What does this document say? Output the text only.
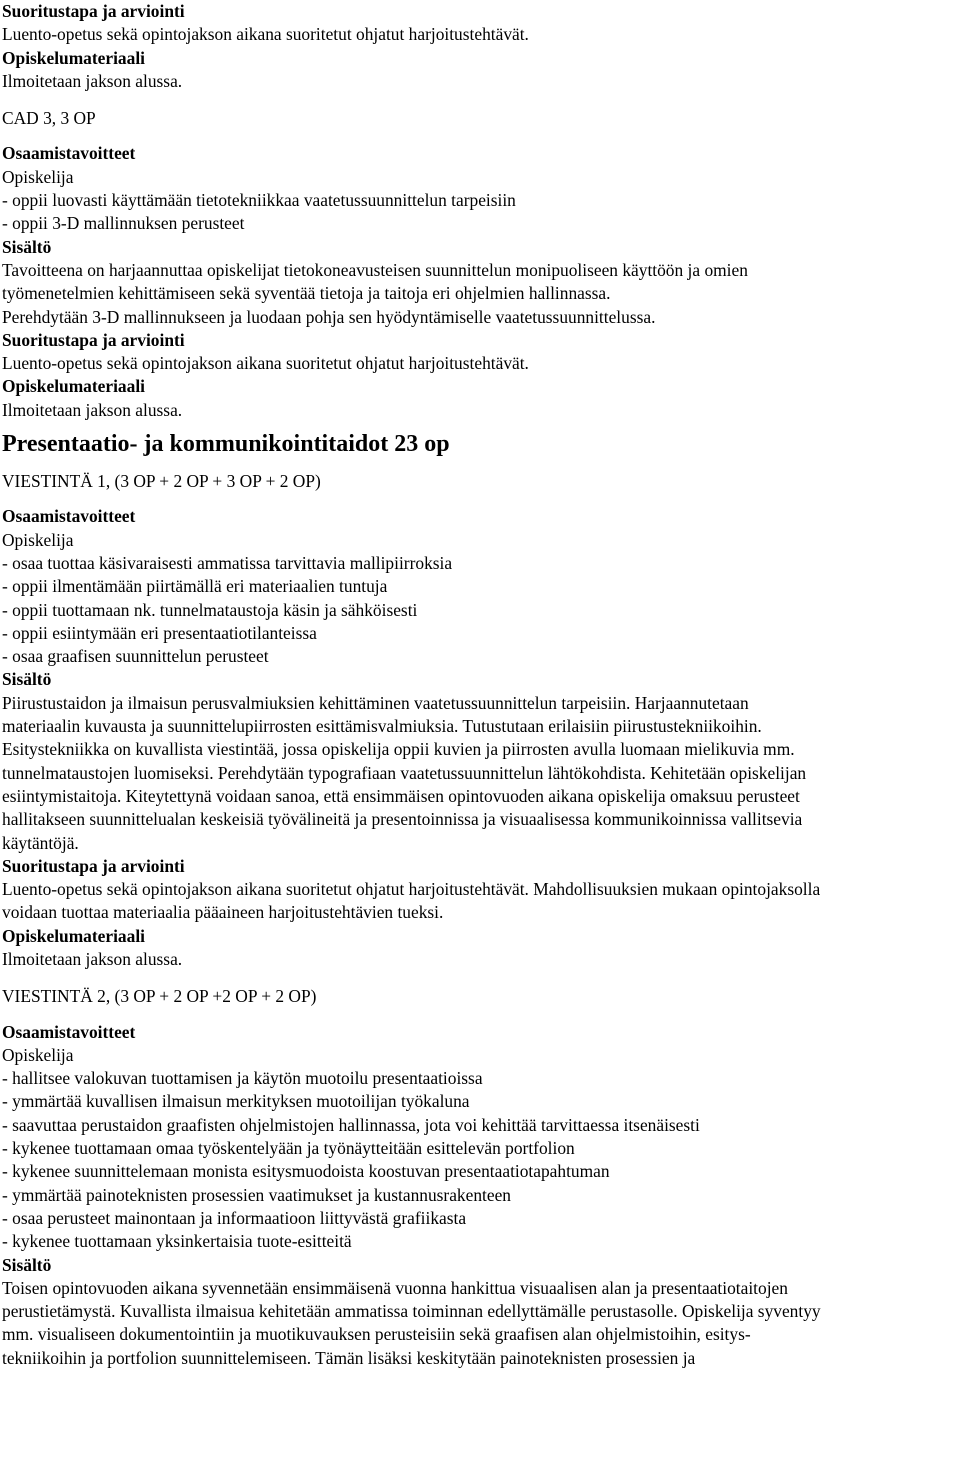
Suoritustapa ja arviointi
Luento-opetus sekä opintojakson aikana suoritetut ohjatut harjoitustehtävät.
Opiskelumateriaali
Ilmoitetaan jakson alussa.
CAD 3, 3 OP
Osaamistavoitteet
Opiskelija
- oppii luovasti käyttämään tietotekniikkaa vaatetussuunnittelun tarpeisiin
- oppii 3-D mallinnuksen perusteet
Sisältö
Tavoitteena on harjaannuttaa opiskelijat tietokoneavusteisen suunnittelun monipuoliseen käyttöön ja omien
työmenetelmien kehittämiseen sekä syventää tietoja ja taitoja eri ohjelmien hallinnassa.
Perehdytään 3-D mallinnukseen ja luodaan pohja sen hyödyntämiselle vaatetussuunnittelussa.
Suoritustapa ja arviointi
Luento-opetus sekä opintojakson aikana suoritetut ohjatut harjoitustehtävät.
Opiskelumateriaali
Ilmoitetaan jakson alussa.
Presentaatio- ja kommunikointitaidot 23 op
VIESTINTÄ 1, (3 OP + 2 OP + 3 OP + 2 OP)
Osaamistavoitteet
Opiskelija
- osaa tuottaa käsivaraisesti ammatissa tarvittavia mallipiirroksia
- oppii ilmentämään piirtämällä eri materiaalien tuntuja
- oppii tuottamaan nk. tunnelmataustoja käsin ja sähköisesti
- oppii esiintymään eri presentaatiotilanteissa
- osaa graafisen suunnittelun perusteet
Sisältö
Piirustustaidon ja ilmaisun perusvalmiuksien kehittäminen vaatetussuunnittelun tarpeisiin. Harjaannutetaan
materiaalin kuvausta ja suunnittelupiirrosten esittämisvalmiuksia. Tutustutaan erilaisiin piirustustekniikoihin.
Esitystekniikka on kuvallista viestintää, jossa opiskelija oppii kuvien ja piirrosten avulla luomaan mielikuvia mm.
tunnelmataustojen luomiseksi. Perehdytään typografiaan vaatetussuunnittelun lähtökohdista. Kehitetään opiskelijan
esiintymistaitoja. Kiteytettynä voidaan sanoa, että ensimmäisen opintovuoden aikana opiskelija omaksuu perusteet
hallitakseen suunnittelualan keskeisiä työvälineitä ja presentoinnissa ja visuaalisessa kommunikoinnissa vallitsevia
käytäntöjä.
Suoritustapa ja arviointi
Luento-opetus sekä opintojakson aikana suoritetut ohjatut harjoitustehtävät. Mahdollisuuksien mukaan opintojaksolla
voidaan tuottaa materiaalia pääaineen harjoitustehtävien tueksi.
Opiskelumateriaali
Ilmoitetaan jakson alussa.
VIESTINTÄ 2, (3 OP + 2 OP +2 OP + 2 OP)
Osaamistavoitteet
Opiskelija
- hallitsee valokuvan tuottamisen ja käytön muotoilu presentaatioissa
- ymmärtää kuvallisen ilmaisun merkityksen muotoilijan työkaluna
- saavuttaa perustaidon graafisten ohjelmistojen hallinnassa, jota voi kehittää tarvittaessa itsenäisesti
- kykenee tuottamaan omaa työskentelyään ja työnäytteitään esittelevän portfolion
- kykenee suunnittelemaan monista esitysmuodoista koostuvan presentaatiotapahtuman
- ymmärtää painoteknisten prosessien vaatimukset ja kustannusrakenteen
- osaa perusteet mainontaan ja informaatioon liittyvästä grafiikasta
- kykenee tuottamaan yksinkertaisia tuote-esitteitä
Sisältö
Toisen opintovuoden aikana syvennetään ensimmäisenä vuonna hankittua visuaalisen alan ja presentaatiotaitojen
perustietämystä. Kuvallista ilmaisua kehitetään ammatissa toiminnan edellyttämälle perustasolle. Opiskelija syventyy
mm. visualiseen dokumentointiin ja muotikuvauksen perusteisiin sekä graafisen alan ohjelmistoihin, esitys-
tekniikoihin ja portfolion suunnittelemiseen. Tämän lisäksi keskitytään painoteknisten prosessien ja
